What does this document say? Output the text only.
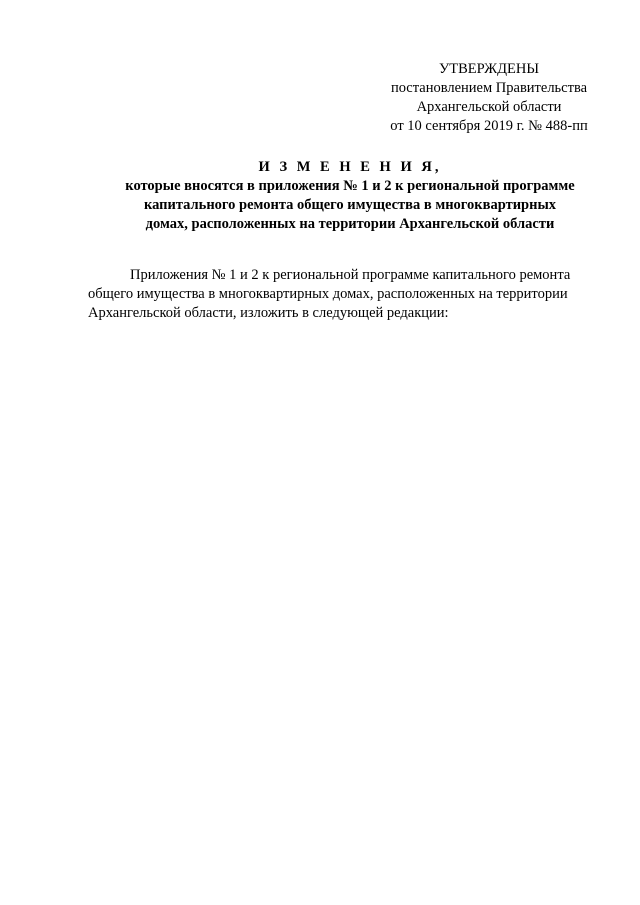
УТВЕРЖДЕНЫ
постановлением Правительства
Архангельской области
от 10 сентября 2019 г. № 488-пп
И З М Е Н Е Н И Я,
которые вносятся в приложения № 1 и 2 к региональной программе
капитального ремонта общего имущества в многоквартирных
домах, расположенных на территории Архангельской области
Приложения № 1 и 2 к региональной программе капитального ремонта
общего имущества в многоквартирных домах, расположенных на территории
Архангельской области, изложить в следующей редакции:
